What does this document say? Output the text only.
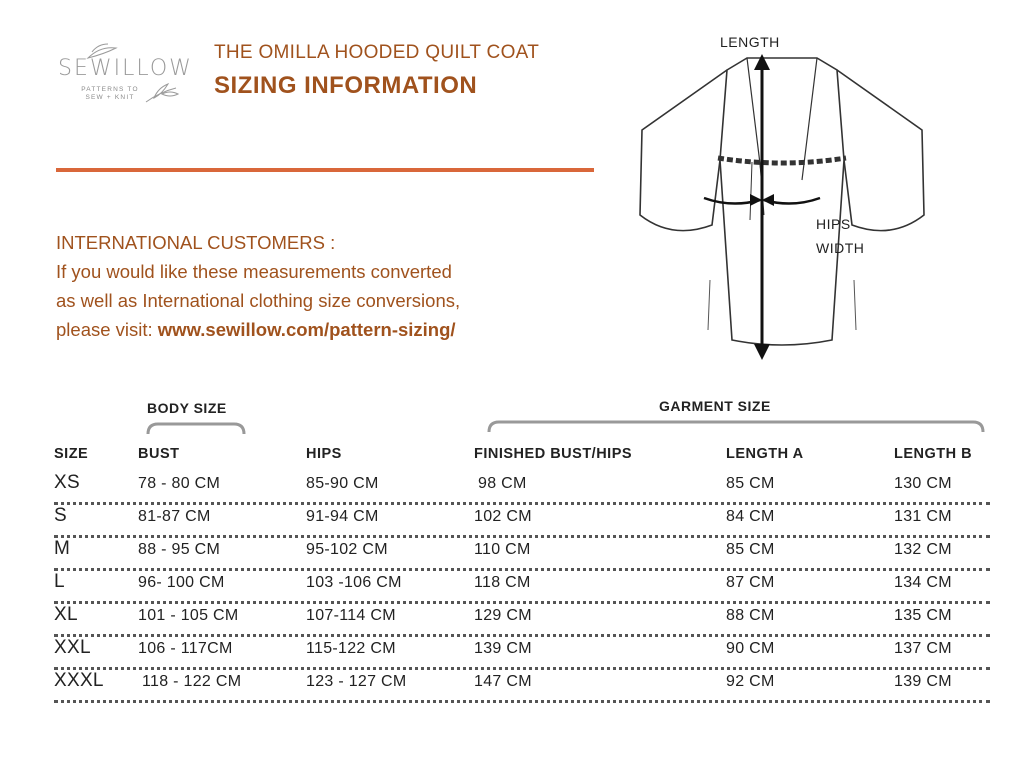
SEWILLOW
PATTERNS TO
SEW + KNIT
THE OMILLA HOODED QUILT COAT
SIZING INFORMATION
INTERNATIONAL CUSTOMERS :
If you would like these measurements converted
as well as International clothing size conversions,
please visit: www.sewillow.com/pattern-sizing/
LENGTH
HIPS
WIDTH
BODY SIZE	GARMENT SIZE
SIZE	BUST	HIPS	FINISHED BUST/HIPS	LENGTH A	LENGTH B
XS	78 - 80 CM	85-90 CM	98 CM	85 CM	130 CM
S	81-87 CM	91-94 CM	102 CM	84 CM	131 CM
M	88 - 95 CM	95-102 CM	110 CM	85 CM	132 CM
L	96- 100 CM	103 -106 CM	118 CM	87 CM	134 CM
XL	101 - 105 CM	107-114 CM	129 CM	88 CM	135 CM
XXL	106 - 117CM	115-122 CM	139 CM	90 CM	137 CM
XXXL 118 - 122 CM	123 - 127 CM	147 CM	92 CM	139 CM
